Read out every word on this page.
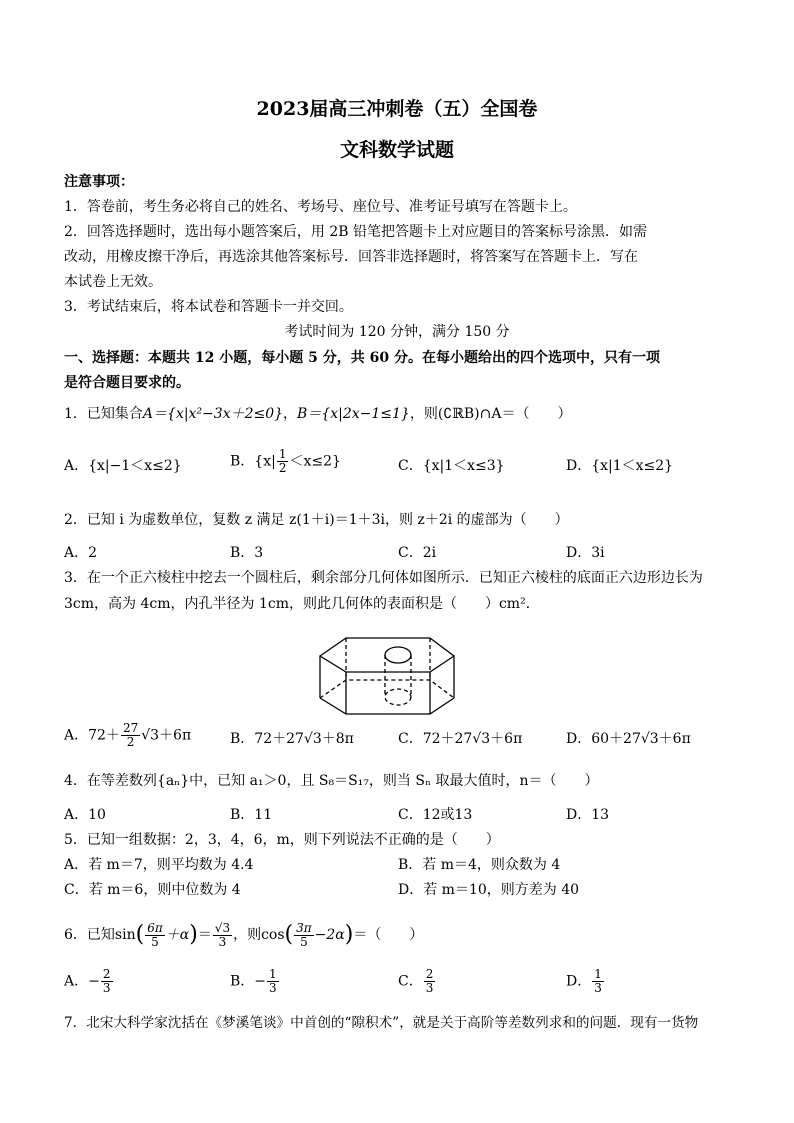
2023届高三冲刺卷（五）全国卷
文科数学试题
注意事项：
1．答卷前，考生务必将自己的姓名、考场号、座位号、准考证号填写在答题卡上。
2．回答选择题时，选出每小题答案后，用 2B 铅笔把答题卡上对应题目的答案标号涂黑．如需
改动，用橡皮擦干净后，再选涂其他答案标号．回答非选择题时，将答案写在答题卡上．写在
本试卷上无效。
3．考试结束后，将本试卷和答题卡一并交回。
考试时间为 120 分钟，满分 150 分
一、选择题：本题共 12 小题，每小题 5 分，共 60 分。在每小题给出的四个选项中，只有一项
是符合题目要求的。
1．已知集合A＝{x|x²−3x＋2≤0}，B＝{x|2x−1≤1}，则(∁ℝB)∩A＝（　　）
A．{x|−1＜x≤2}	B．$\{x| \frac{1}{2} <x\le 2\}$	C．{x|1＜x≤3}	D．{x|1＜x≤2}
2．已知 i 为虚数单位，复数 z 满足 z(1＋i)＝1＋3i，则 z＋2i 的虚部为（　　）
A．2	B．3	C．2i	D．3i
3．在一个正六棱柱中挖去一个圆柱后，剩余部分几何体如图所示．已知正六棱柱的底面正六边形边长为
3cm，高为 4cm，内孔半径为 1cm，则此几何体的表面积是（　　）cm²．
A．$72+ \frac{27}{2} √3+6\pi$	B．72＋27√3＋8π	C．72＋27√3＋6π	D．60＋27√3＋6π
4．在等差数列{aₙ}中，已知 a₁＞0，且 S₈＝S₁₇，则当 Sₙ 取最大值时，n＝（　　）
A．10	B．11	C．12或13	D．13
5．已知一组数据：2，3，4，6，m，则下列说法不正确的是（　　）
A．若 m＝7，则平均数为 4.4	B．若 m＝4，则众数为 4
C．若 m＝6，则中位数为 4	D．若 m＝10，则方差为 40
6．已知$\sin( \frac{6\pi}{5} +\alpha)= \frac{√3}{3}$ ，则$\cos( \frac{3\pi}{5} -2\alpha)=$（　　）
A．− $\frac{2}{3}$	B．− $\frac{1}{3}$	C． $\frac{2}{3}$	D． $\frac{1}{3}$
7．北宋大科学家沈括在《梦溪笔谈》中首创的“隙积术”，就是关于高阶等差数列求和的问题．现有一货物
